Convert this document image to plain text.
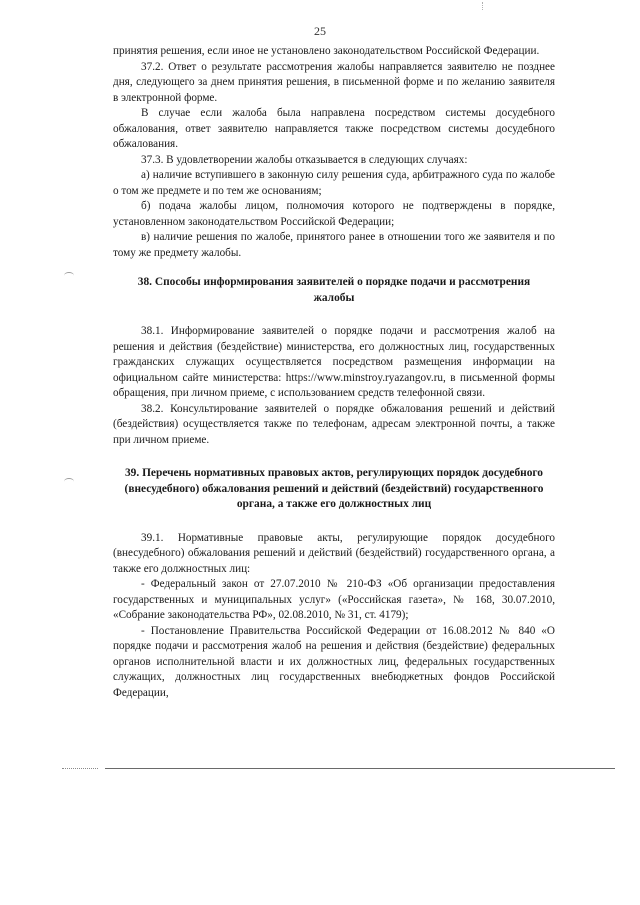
25

принятия решения, если иное не установлено законодательством Российской Федерации.

37.2. Ответ о результате рассмотрения жалобы направляется заявителю не позднее дня, следующего за днем принятия решения, в письменной форме и по желанию заявителя в электронной форме.

В случае если жалоба была направлена посредством системы досудебного обжалования, ответ заявителю направляется также посредством системы досудебного обжалования.

37.3. В удовлетворении жалобы отказывается в следующих случаях:

а) наличие вступившего в законную силу решения суда, арбитражного суда по жалобе о том же предмете и по тем же основаниям;

б) подача жалобы лицом, полномочия которого не подтверждены в порядке, установленном законодательством Российской Федерации;

в) наличие решения по жалобе, принятого ранее в отношении того же заявителя и по тому же предмету жалобы.

38. Способы информирования заявителей о порядке подачи и рассмотрения жалобы

38.1. Информирование заявителей о порядке подачи и рассмотрения жалоб на решения и действия (бездействие) министерства, его должностных лиц, государственных гражданских служащих осуществляется посредством размещения информации на официальном сайте министерства: https://www.minstroy.ryazangov.ru, в письменной формы обращения, при личном приеме, с использованием средств телефонной связи.

38.2. Консультирование заявителей о порядке обжалования решений и действий (бездействия) осуществляется также по телефонам, адресам электронной почты, а также при личном приеме.

39. Перечень нормативных правовых актов, регулирующих порядок досудебного (внесудебного) обжалования решений и действий (бездействий) государственного органа, а также его должностных лиц

39.1. Нормативные правовые акты, регулирующие порядок досудебного (внесудебного) обжалования решений и действий (бездействий) государственного органа, а также его должностных лиц:

- Федеральный закон от 27.07.2010 № 210-ФЗ «Об организации предоставления государственных и муниципальных услуг» («Российская газета», № 168, 30.07.2010, «Собрание законодательства РФ», 02.08.2010, № 31, ст. 4179);

- Постановление Правительства Российской Федерации от 16.08.2012 № 840 «О порядке подачи и рассмотрения жалоб на решения и действия (бездействие) федеральных органов исполнительной власти и их должностных лиц, федеральных государственных служащих, должностных лиц государственных внебюджетных фондов Российской Федерации,
